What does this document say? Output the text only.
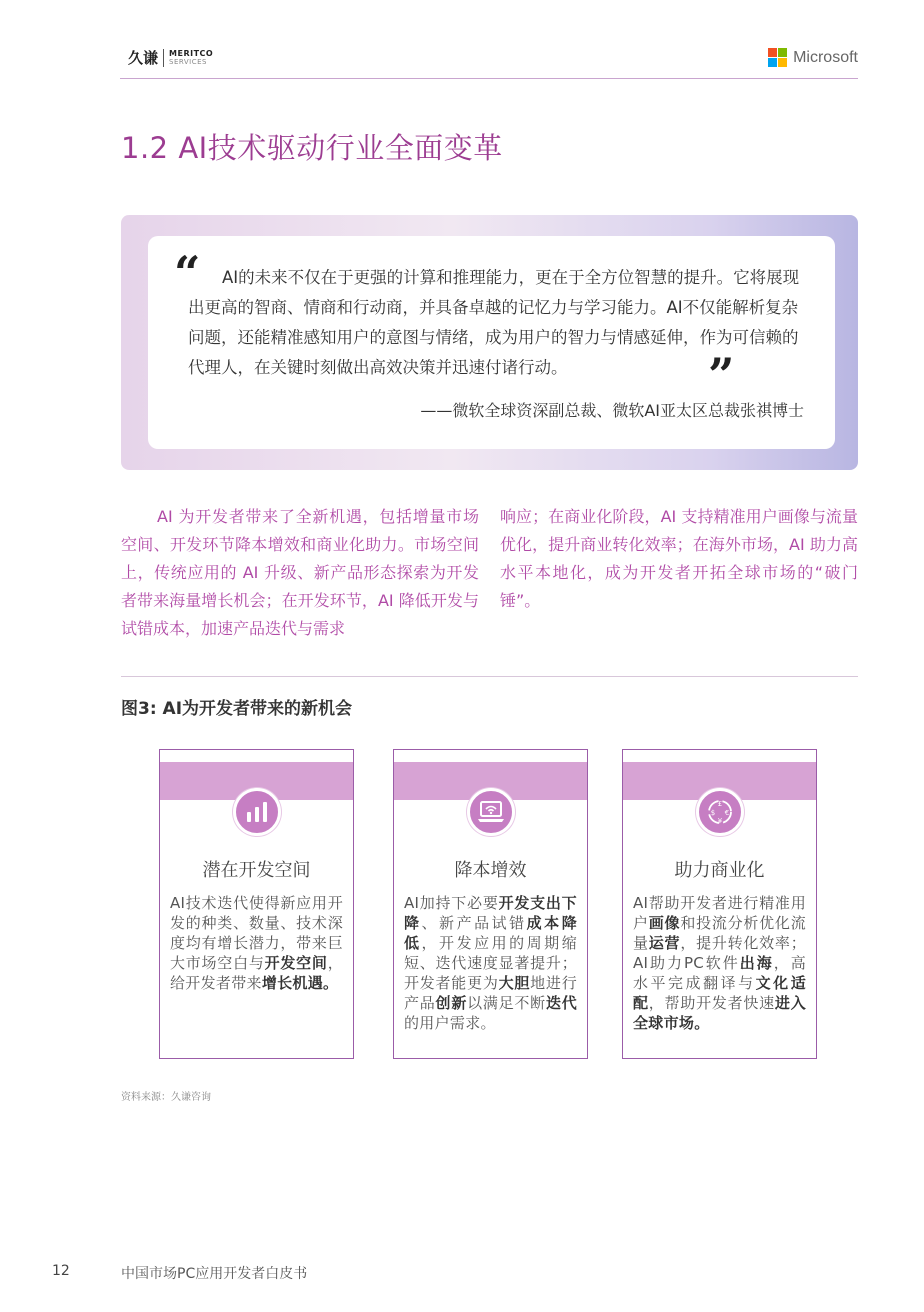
久谦 MERITCO
SERVICES	Microsoft
1.2 AI技术驱动行业全面变革
“	AI的未来不仅在于更强的计算和推理能力，更在于全方位智慧的提升。它将展现出更高的智商、情商和行动商，并具备卓越的记忆力与学习能力。AI不仅能解析复杂问题，还能精准感知用户的意图与情绪，成为用户的智力与情感延伸，作为可信赖的代理人，在关键时刻做出高效决策并迅速付诸行动。	”
——微软全球资深副总裁、微软AI亚太区总裁张祺博士

AI 为开发者带来了全新机遇，包括增量市场空间、开发环节降本增效和商业化助力。市场空间上，传统应用的 AI 升级、新产品形态探索为开发者带来海量增长机会；在开发环节，AI 降低开发与试错成本，加速产品迭代与需求

响应；在商业化阶段，AI 支持精准用户画像与流量优化，提升商业转化效率；在海外市场，AI 助力高水平本地化，成为开发者开拓全球市场的“破门锤”。

图3: AI为开发者带来的新机会
潜在开发空间
AI技术迭代使得新应用开发的种类、数量、技术深度均有增长潜力，带来巨大市场空白与开发空间，给开发者带来增长机遇。
降本增效
AI加持下必要开发支出下降、新产品试错成本降低，开发应用的周期缩短、迭代速度显著提升；开发者能更为大胆地进行产品创新以满足不断迭代的用户需求。
£
$ €
¥
助力商业化
AI帮助开发者进行精准用户画像和投流分析优化流量运营，提升转化效率；AI助力PC软件出海，高水平完成翻译与文化适配，帮助开发者快速进入全球市场。
资料来源：久谦咨询
12	中国市场PC应用开发者白皮书
